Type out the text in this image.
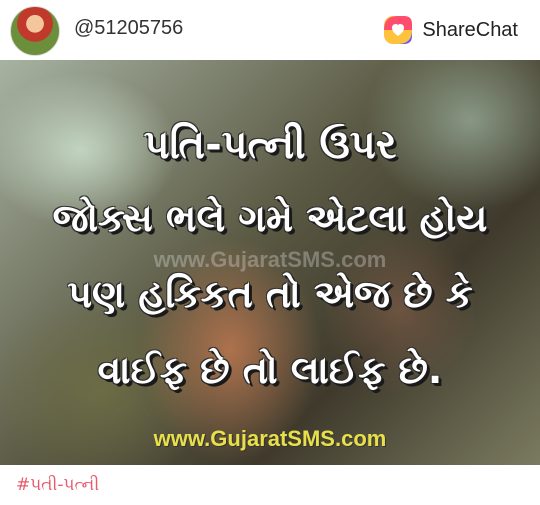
@51205756	ShareChat
પતિ-પત્ની ઉપર
જોક્સ ભલે ગમે એટલા હોય
www.GujaratSMS.com
પણ હકિકત તો એજ છે કે
વાઈફ છે તો લાઈફ છે.
www.GujaratSMS.com
#પતી-પત્ની
